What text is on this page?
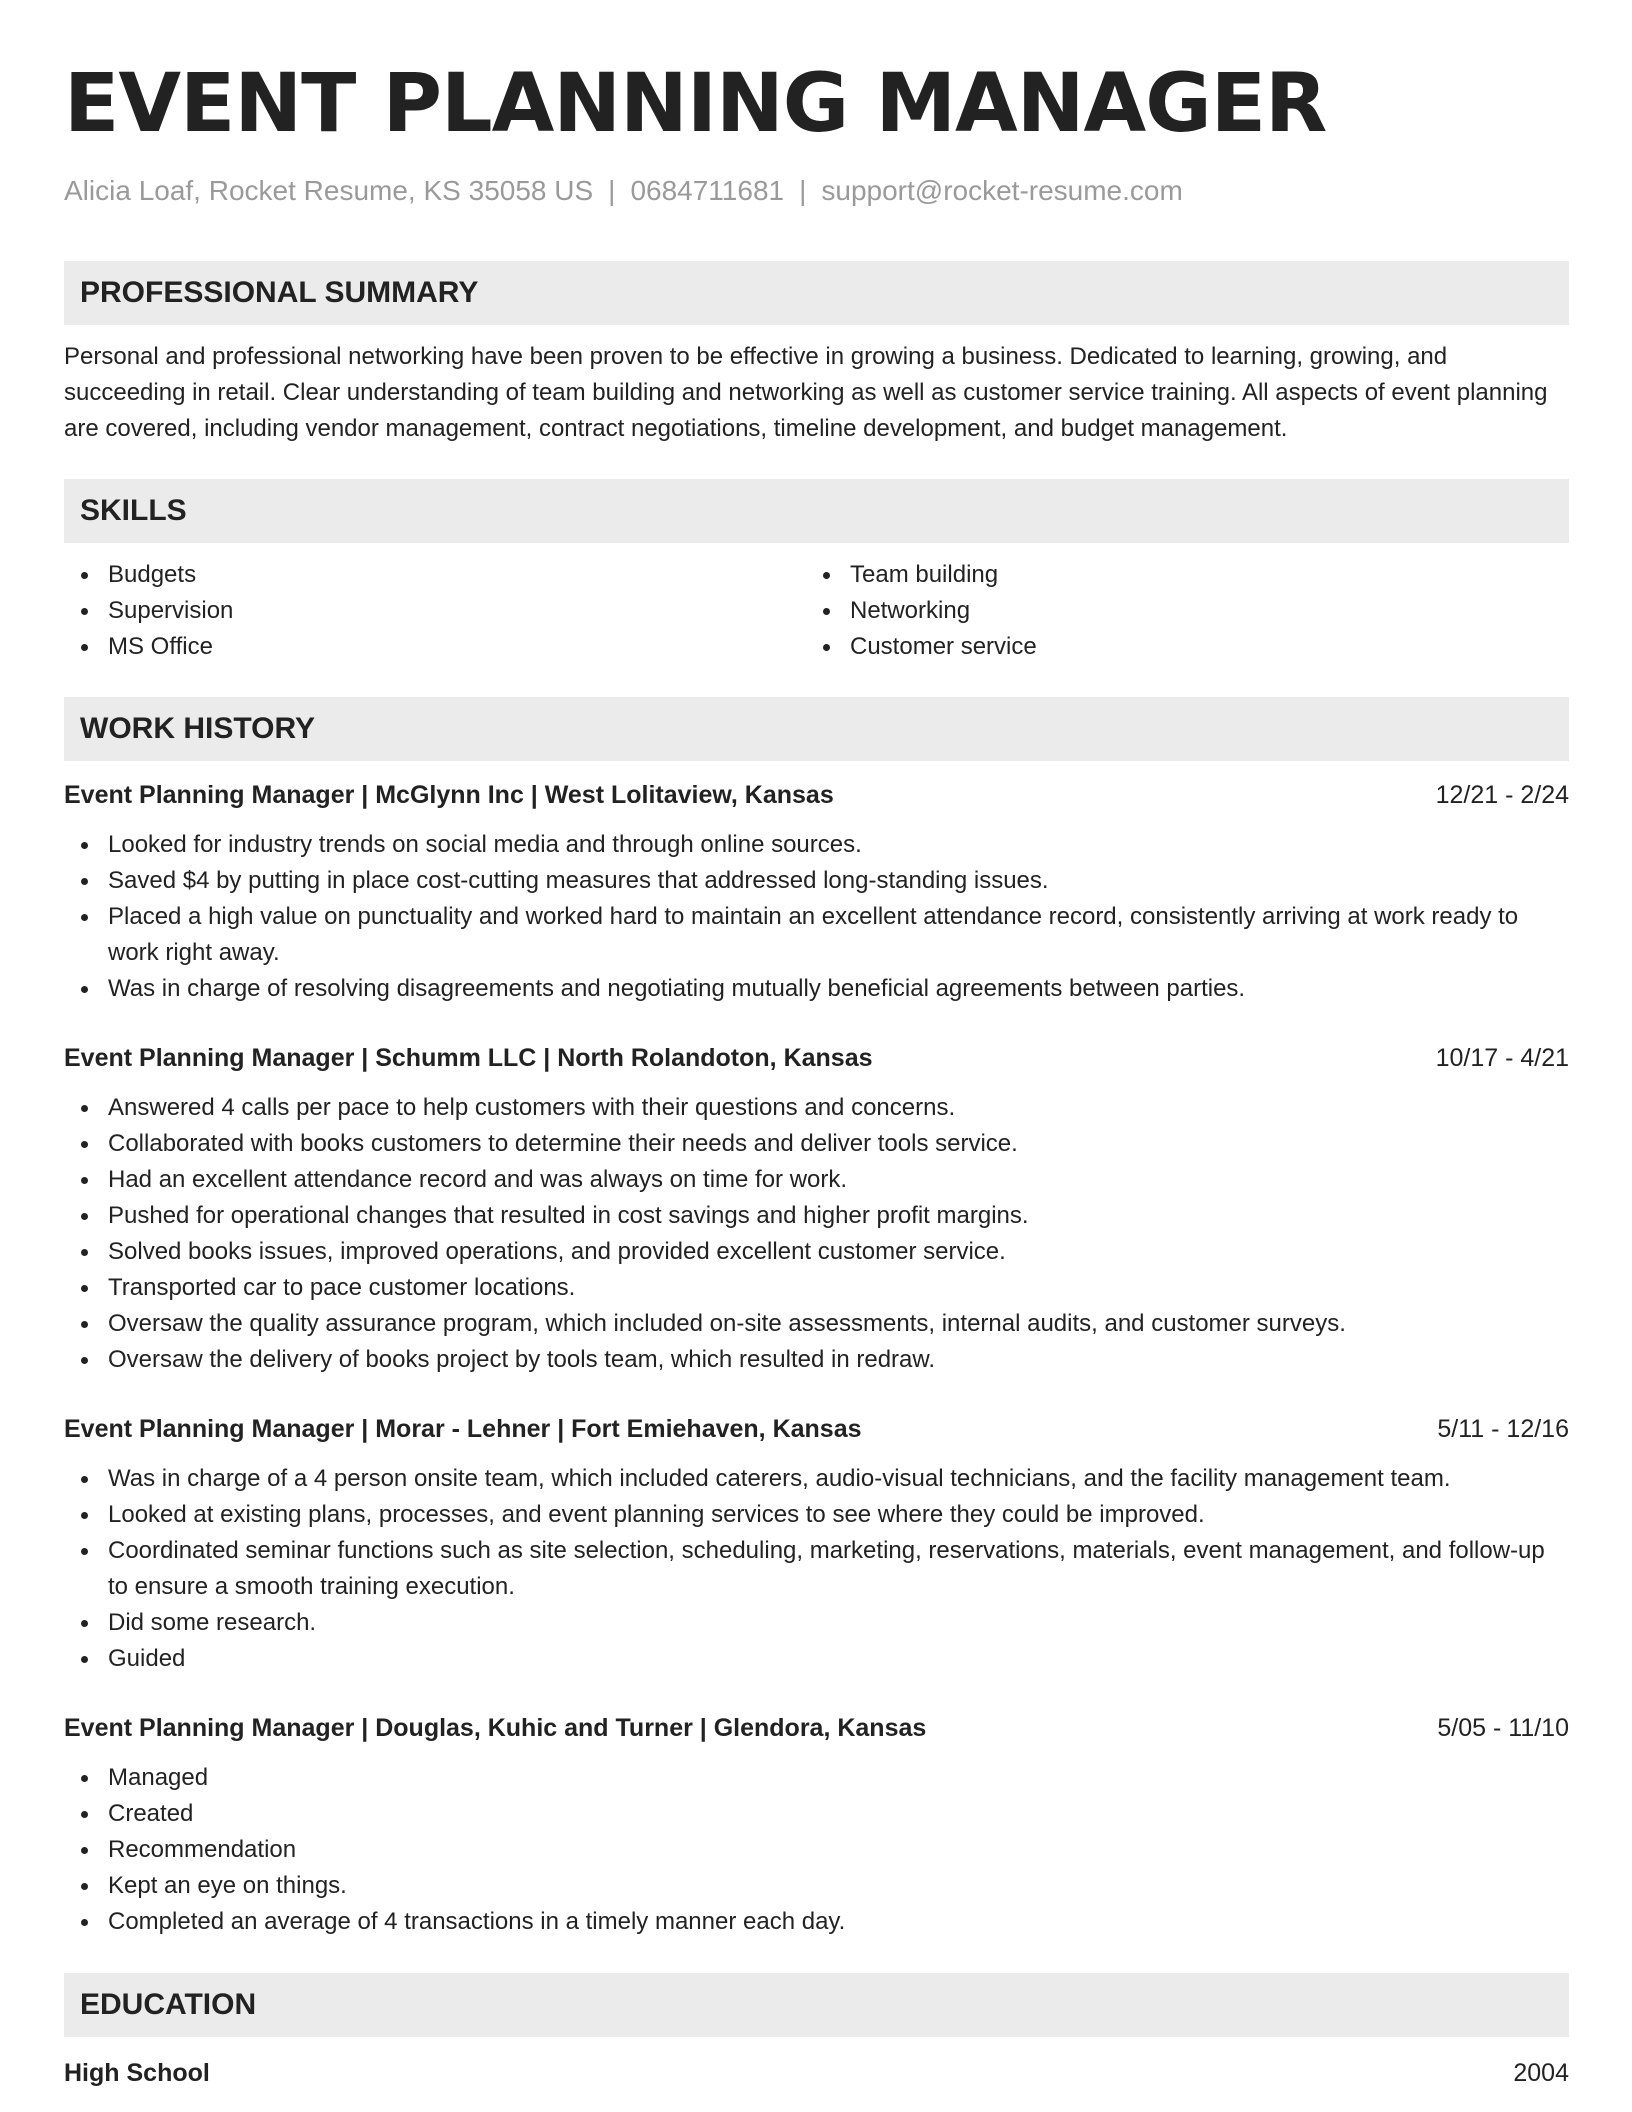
EVENT PLANNING MANAGER
Alicia Loaf, Rocket Resume, KS 35058 US | 0684711681 | support@rocket-resume.com
PROFESSIONAL SUMMARY

Personal and professional networking have been proven to be effective in growing a business. Dedicated to learning, growing, and succeeding in retail. Clear understanding of team building and networking as well as customer service training. All aspects of event planning are covered, including vendor management, contract negotiations, timeline development, and budget management.

SKILLS
Budgets
Supervision
MS Office
Team building
Networking
Customer service
WORK HISTORY
Event Planning Manager | McGlynn Inc | West Lolitaview, Kansas	12/21 - 2/24
Looked for industry trends on social media and through online sources.
Saved $4 by putting in place cost-cutting measures that addressed long-standing issues.
Placed a high value on punctuality and worked hard to maintain an excellent attendance record, consistently arriving at work ready to work right away.
Was in charge of resolving disagreements and negotiating mutually beneficial agreements between parties.
Event Planning Manager | Schumm LLC | North Rolandoton, Kansas	10/17 - 4/21
Answered 4 calls per pace to help customers with their questions and concerns.
Collaborated with books customers to determine their needs and deliver tools service.
Had an excellent attendance record and was always on time for work.
Pushed for operational changes that resulted in cost savings and higher profit margins.
Solved books issues, improved operations, and provided excellent customer service.
Transported car to pace customer locations.
Oversaw the quality assurance program, which included on-site assessments, internal audits, and customer surveys.
Oversaw the delivery of books project by tools team, which resulted in redraw.
Event Planning Manager | Morar - Lehner | Fort Emiehaven, Kansas	5/11 - 12/16
Was in charge of a 4 person onsite team, which included caterers, audio-visual technicians, and the facility management team.
Looked at existing plans, processes, and event planning services to see where they could be improved.
Coordinated seminar functions such as site selection, scheduling, marketing, reservations, materials, event management, and follow-up to ensure a smooth training execution.
Did some research.
Guided
Event Planning Manager | Douglas, Kuhic and Turner | Glendora, Kansas	5/05 - 11/10
Managed
Created
Recommendation
Kept an eye on things.
Completed an average of 4 transactions in a timely manner each day.
EDUCATION
High School	2004
